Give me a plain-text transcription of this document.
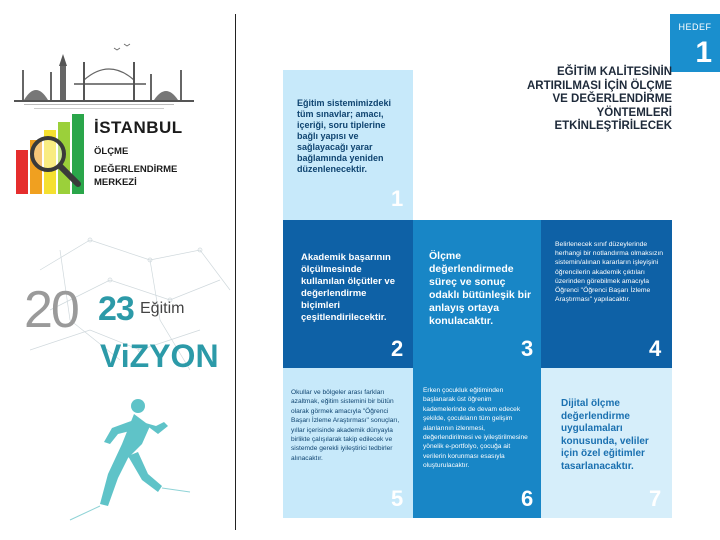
İSTANBUL
ÖLÇME
DEĞERLENDİRME
MERKEZİ
20 23 Eğitim
ViZYON
HEDEF
1
EĞİTİM KALİTESİNİN
ARTIRILMASI İÇİN ÖLÇME
VE DEĞERLENDİRME
YÖNTEMLERİ
ETKİNLEŞTİRİLECEK
Eğitim sistemimizdeki tüm sınavlar; amacı, içeriği, soru tiplerine bağlı yapısı ve sağlayacağı yarar bağlamında yeniden düzenlenecektir.
1
Akademik başarının ölçülmesinde kullanılan ölçütler ve değerlendirme biçimleri çeşitlendirilecektir.
2
Ölçme değerlendirmede süreç ve sonuç odaklı bütünleşik bir anlayış ortaya konulacaktır.
3
Belirlenecek sınıf düzeylerinde herhangi bir notlandırma olmaksızın sistemin/alınan kararların işleyişini öğrencilerin akademik çıktıları üzerinden görebilmek amacıyla Öğrenci "Öğrenci Başarı İzleme Araştırması" yapılacaktır.
4
Okullar ve bölgeler arası farkları azaltmak, eğitim sistemini bir bütün olarak görmek amacıyla "Öğrenci Başarı İzleme Araştırması" sonuçları, yıllar içerisinde akademik dünyayla birlikte çalışılarak takip edilecek ve sistemde gerekli iyileştirici tedbirler alınacaktır.
5
Erken çocukluk eğitiminden başlanarak üst öğrenim kademelerinde de devam edecek şekilde, çocukların tüm gelişim alanlarının izlenmesi, değerlendirilmesi ve iyileştirilmesine yönelik e-portfolyo, çocuğa ait verilerin korunması esasıyla oluşturulacaktır.
6
Dijital ölçme değerlendirme uygulamaları konusunda, veliler için özel eğitimler tasarlanacaktır.
7
